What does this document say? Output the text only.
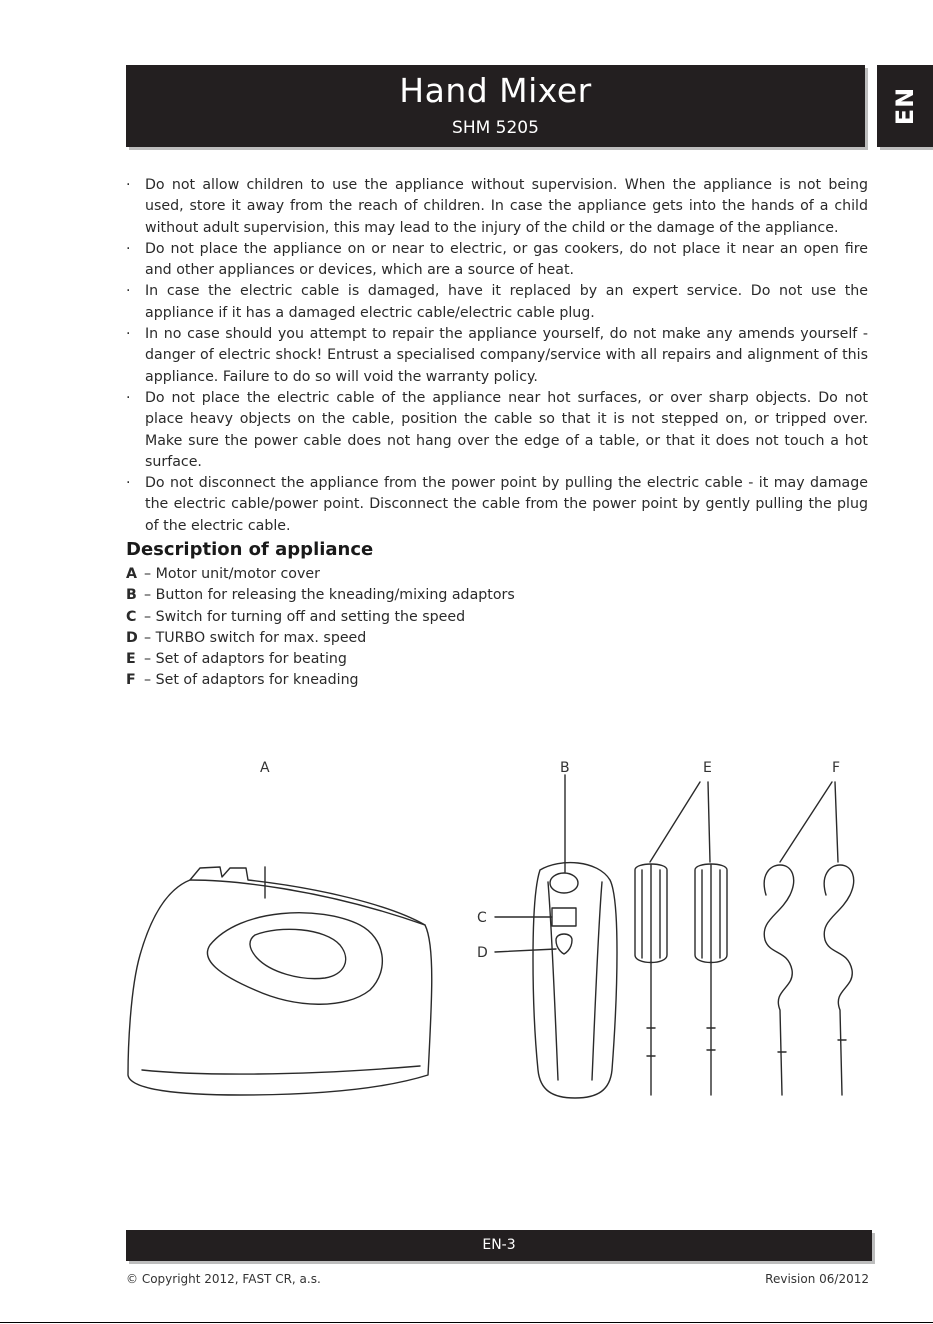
Hand Mixer
SHM 5205
EN
· Do not allow children to use the appliance without supervision. When the appliance is not being used, store it away from the reach of children. In case the appliance gets into the hands of a child without adult supervision, this may lead to the injury of the child or the damage of the appliance.
· Do not place the appliance on or near to electric, or gas cookers, do not place it near an open fire and other appliances or devices, which are a source of heat.
· In case the electric cable is damaged, have it replaced by an expert service. Do not use the appliance if it has a damaged electric cable/electric cable plug.
· In no case should you attempt to repair the appliance yourself, do not make any amends yourself - danger of electric shock! Entrust a specialised company/service with all repairs and alignment of this appliance. Failure to do so will void the warranty policy.
· Do not place the electric cable of the appliance near hot surfaces, or over sharp objects. Do not place heavy objects on the cable, position the cable so that it is not stepped on, or tripped over. Make sure the power cable does not hang over the edge of a table, or that it does not touch a hot surface.
· Do not disconnect the appliance from the power point by pulling the electric cable - it may damage the electric cable/power point. Disconnect the cable from the power point by gently pulling the plug of the electric cable.
Description of appliance
A – Motor unit/motor cover
B – Button for releasing the kneading/mixing adaptors
C – Switch for turning off and setting the speed
D – TURBO switch for max. speed
E – Set of adaptors for beating
F – Set of adaptors for kneading
A	B
C
D
E	F
EN-3
© Copyright 2012, FAST CR, a.s.	Revision 06/2012
